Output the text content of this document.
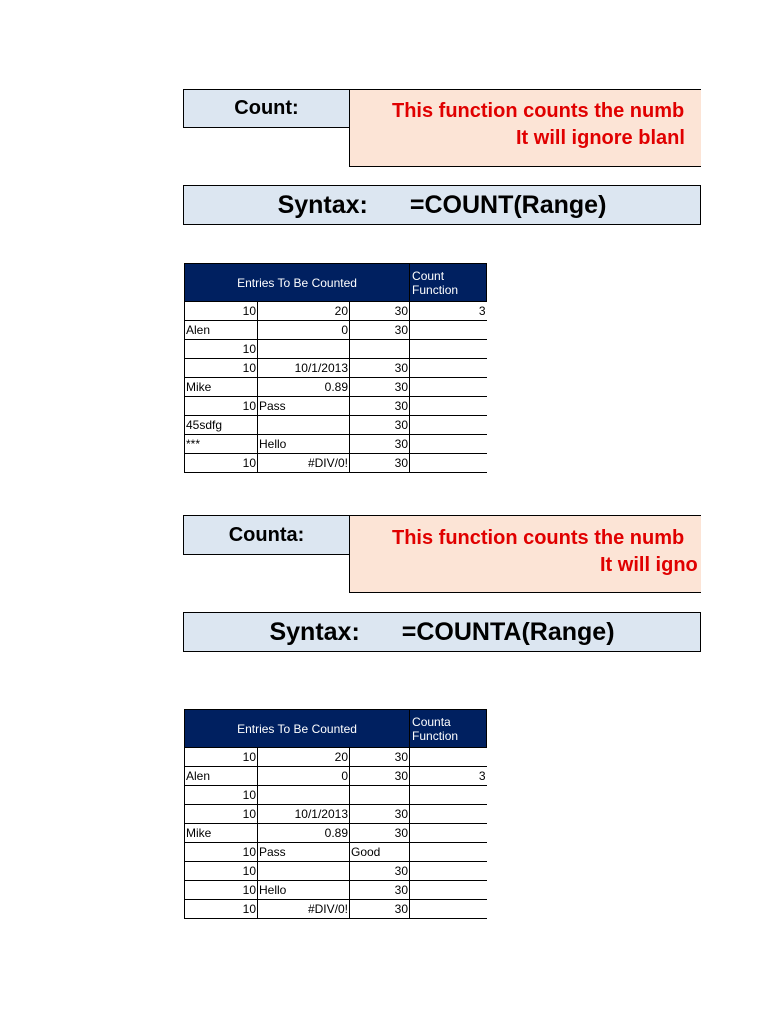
Count:	This function counts the numb
It will ignore blanl
Syntax: =COUNT(Range)
Entries To Be Counted			Count
Function
10	20	30	3
Alen	0	30	
10			
10	10/1/2013	30	
Mike	0.89	30	
10	Pass	30	
45sdfg		30	
***	Hello	30	
10	#DIV/0!	30	
Counta:	This function counts the numb
It will igno
Syntax: =COUNTA(Range)
Entries To Be Counted			Counta
Function
10	20	30	
Alen	0	30	3
10			
10	10/1/2013	30	
Mike	0.89	30	
10	Pass	Good	
10		30	
10	Hello	30	
10	#DIV/0!	30	
